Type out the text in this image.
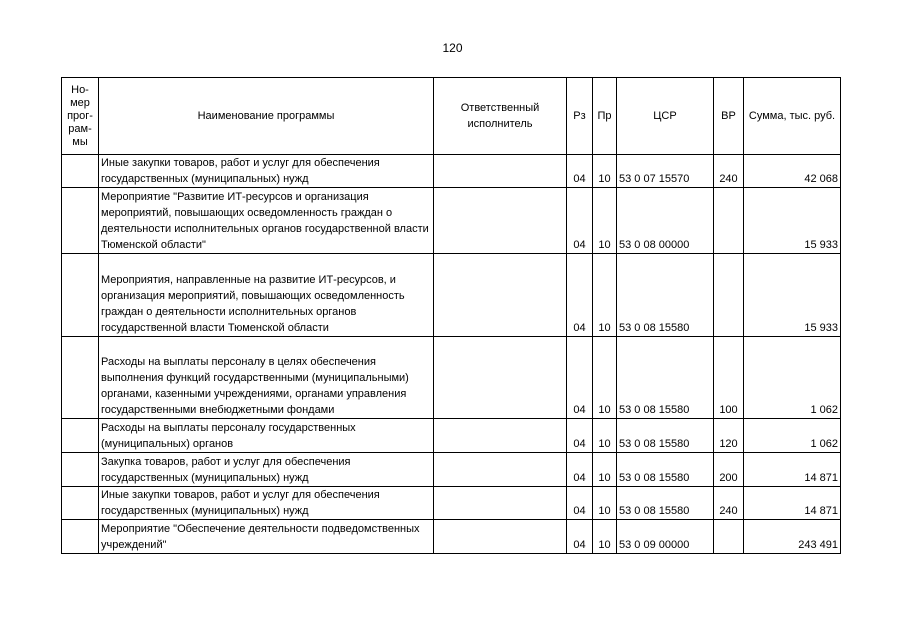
120
Но-
мер
прог-
рам-
мы	Наименование программы	Ответственный исполнитель	Рз	Пр	ЦСР	ВР	Сумма, тыс. руб.
	Иные закупки товаров, работ и услуг для обеспечения государственных (муниципальных) нужд		04	10	53 0 07 15570	240	42 068
	Мероприятие "Развитие ИТ-ресурсов и организация мероприятий, повышающих осведомленность граждан о деятельности исполнительных органов государственной власти Тюменской области"		04	10	53 0 08 00000		15 933
	Мероприятия, направленные на развитие ИТ-ресурсов, и организация мероприятий, повышающих осведомленность граждан о деятельности исполнительных органов государственной власти Тюменской области		04	10	53 0 08 15580		15 933
	Расходы на выплаты персоналу в целях обеспечения выполнения функций государственными (муниципальными) органами, казенными учреждениями, органами управления государственными внебюджетными фондами		04	10	53 0 08 15580	100	1 062
	Расходы на выплаты персоналу государственных (муниципальных) органов		04	10	53 0 08 15580	120	1 062
	Закупка товаров, работ и услуг для обеспечения государственных (муниципальных) нужд		04	10	53 0 08 15580	200	14 871
	Иные закупки товаров, работ и услуг для обеспечения государственных (муниципальных) нужд		04	10	53 0 08 15580	240	14 871
	Мероприятие "Обеспечение деятельности подведомственных учреждений"		04	10	53 0 09 00000		243 491
